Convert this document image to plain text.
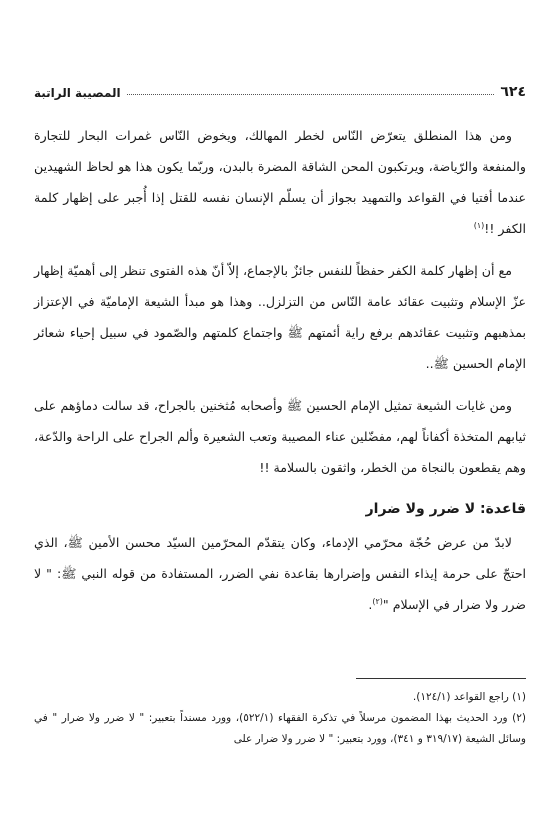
٦٢٤
المصيبة الراتبة

ومن هذا المنطلق يتعرّض النّاس لخطر المهالك، ويخوض النّاس غمرات البحار للتجارة والمنفعة والرّياضة، ويرتكبون المحن الشاقة المضرة بالبدن، وربّما يكون هذا هو لحاظ الشهيدين عندما أفتيا في القواعد والتمهيد بجواز أن يسلّم الإنسان نفسه للقتل إذا أُجبر على إظهار كلمة الكفر !!$^{(١)}$

مع أن إظهار كلمة الكفر حفظاً للنفس جائزٌ بالإجماع، إلاّ أنّ هذه الفتوى تنظر إلى أهميّة إظهار عزّ الإسلام وتثبيت عقائد عامة النّاس من التزلزل.. وهذا هو مبدأ الشيعة الإماميّة في الإعتزاز بمذهبهم وتثبيت عقائدهم برفع راية أئمتهم ﷺ واجتماع كلمتهم والصّمود في سبيل إحياء شعائر الإمام الحسين ﷺ..

ومن غايات الشيعة تمثيل الإمام الحسين ﷺ وأصحابه مُثخنين بالجراح، قد سالت دماؤهم على ثيابهم المتخذة أكفاناً لهم، مفضّلين عناء المصيبة وتعب الشعيرة وألم الجراح على الراحة والدّعة، وهم يقطعون بالنجاة من الخطر، واثقون بالسلامة !!

قاعدة: لا ضرر ولا ضرار

لابدّ من عرض حُجّة محرّمي الإدماء، وكان يتقدّم المحرّمين السيّد محسن الأمين ﷺ، الذي احتجّ على حرمة إيذاء النفس وإضرارها بقاعدة نفي الضرر، المستفادة من قوله النبي ﷺ: " لا ضرر ولا ضرار في الإسلام "$^{(٢)}$.

(١) راجع القواعد (١٢٤/١).

(٢) ورد الحديث بهذا المضمون مرسلاً في تذكرة الفقهاء (٥٢٢/١)، وورد مسنداً بتعبير: " لا ضرر ولا ضرار " في وسائل الشيعة (٣١٩/١٧ و ٣٤١)، وورد بتعبير: " لا ضرر ولا ضرار على
